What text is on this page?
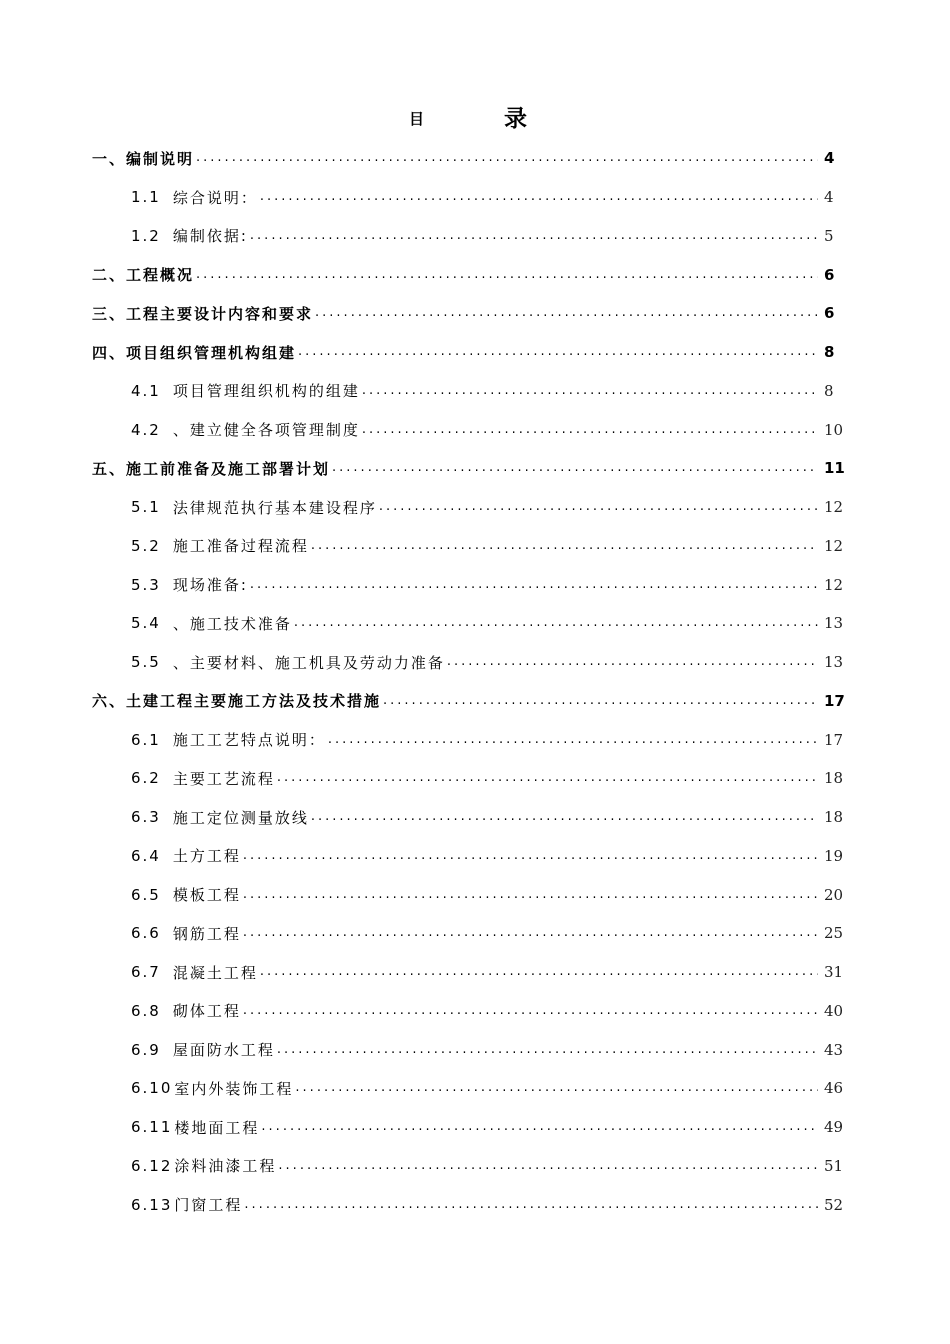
目	录
一、 编制说明 .....	4
1.1 综合说明： .....	4
1.2 编制依据: .....	5
二、 工程概况 .....	6
三、 工程主要设计内容和要求 .....	6
四、 项目组织管理机构组建 .....	8
4.1 项目管理组织机构的组建 .....	8
4.2 、建立健全各项管理制度 .....	10
五、 施工前准备及施工部署计划 .....	11
5.1 法律规范执行基本建设程序 .....	12
5.2 施工准备过程流程 .....	12
5.3 现场准备: .....	12
5.4 、施工技术准备 .....	13
5.5 、主要材料、施工机具及劳动力准备 .....	13
六、 土建工程主要施工方法及技术措施 .....	17
6.1 施工工艺特点说明： .....	17
6.2 主要工艺流程 .....	18
6.3 施工定位测量放线 .....	18
6.4 土方工程 .....	19
6.5 模板工程 .....	20
6.6 钢筋工程 .....	25
6.7 混凝土工程 .....	31
6.8 砌体工程 .....	40
6.9 屋面防水工程 .....	43
6.10 室内外装饰工程 .....	46
6.11 楼地面工程 .....	49
6.12 涂料油漆工程 .....	51
6.13 门窗工程 .....	52
